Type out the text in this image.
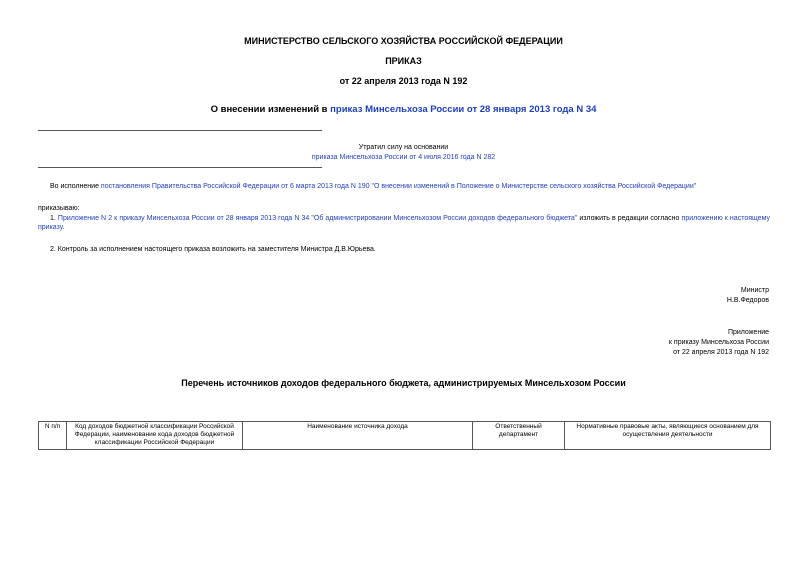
МИНИСТЕРСТВО СЕЛЬСКОГО ХОЗЯЙСТВА РОССИЙСКОЙ ФЕДЕРАЦИИ
ПРИКАЗ
от 22 апреля 2013 года N 192
О внесении изменений в приказ Минсельхоза России от 28 января 2013 года N 34
Утратил силу на основании
приказа Минсельхоза России от 4 июля 2016 года N 282
Во исполнение постановления Правительства Российской Федерации от 6 марта 2013 года N 190 "О внесении изменений в Положение о Министерстве сельского хозяйства Российской Федерации"
приказываю:
1. Приложение N 2 к приказу Минсельхоза России от 28 января 2013 года N 34 "Об администрировании Минсельхозом России доходов федерального бюджета" изложить в редакции согласно приложению к настоящему приказу.
2. Контроль за исполнением настоящего приказа возложить на заместителя Министра Д.В.Юрьева.
Министр
Н.В.Федоров
Приложение
к приказу Минсельхоза России
от 22 апреля 2013 года N 192
Перечень источников доходов федерального бюджета, администрируемых Минсельхозом России
N п/п	Код доходов бюджетной классификации Российской Федерации, наименование кода доходов бюджетной классификации Российской Федерации	Наименование источника дохода	Ответственный департамент	Нормативные правовые акты, являющиеся основанием для осуществления деятельности
